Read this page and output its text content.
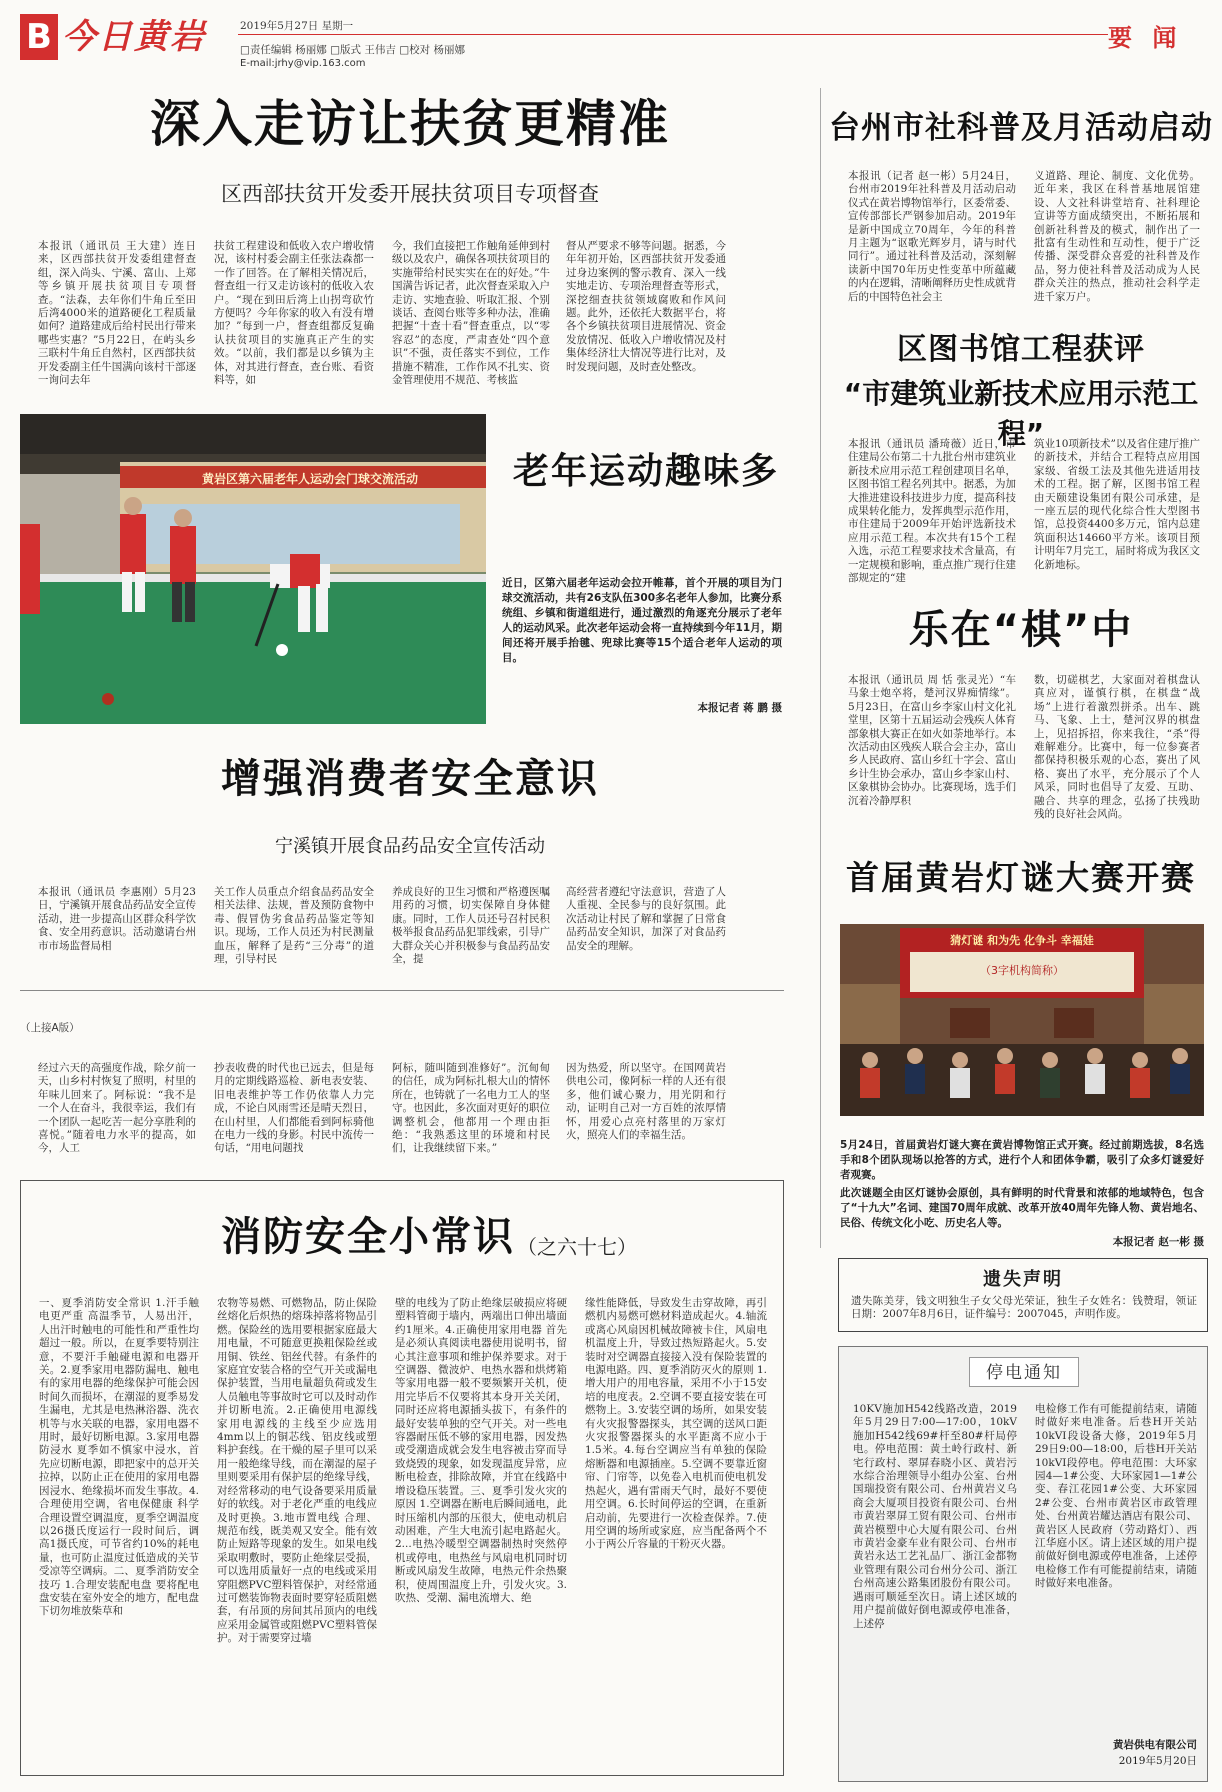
B 今日黄岩	2019年5月27日 星期一
□责任编辑 杨丽娜 □版式 王伟吉 □校对 杨丽娜
E-mail:jrhy@vip.163.com
要 闻
深入走访让扶贫更精准
区西部扶贫开发委开展扶贫项目专项督查
本报讯（通讯员 王大建）连日来，区西部扶贫开发委组建督查组，深入尚头、宁溪、富山、上郑等乡镇开展扶贫项目专项督查。“法森，去年你们牛角丘至田后湾4000米的道路硬化工程质量如何？道路建成后给村民出行带来哪些实惠？”5月22日，在屿头乡三联村牛角丘自然村，区西部扶贫开发委副主任牛国满向该村干部逐一询问去年
扶贫工程建设和低收入农户增收情况，该村村委会副主任张法森都一一作了回答。在了解相关情况后，督查组一行又走访该村的低收入农户。“现在到田后湾上山拐弯砍竹方便吗？今年你家的收入有没有增加？”每到一户，督查组都反复确认扶贫项目的实施真正产生的实效。“以前，我们都是以乡镇为主体，对其进行督查，查台账、看资料等，如
今，我们直接把工作触角延伸到村级以及农户，确保各项扶贫项目的实施带给村民实实在在的好处。”牛国满告诉记者，此次督查采取入户走访、实地查验、听取汇报、个别谈话、查阅台账等多种办法，准确把握“十查十看”督查重点，以“零容忍”的态度，严肃查处“四个意识”不强，责任落实不到位，工作措施不精准，工作作风不扎实、资金管理使用不规范、考核监
督从严要求不够等问题。据悉，今年年初开始，区西部扶贫开发委通过身边案例的警示教育、深入一线实地走访、专项治理督查等形式，深挖细查扶贫领域腐败和作风问题。此外，还依托大数据平台，将各个乡镇扶贫项目进展情况、资金发放情况、低收入户增收情况及村集体经济壮大情况等进行比对，及时发现问题，及时查处整改。
黄岩区第六届老年人运动会门球交流活动	老年运动趣味多
近日，区第六届老年运动会拉开帷幕，首个开展的项目为门球交流活动，共有26支队伍300多名老年人参加，比赛分系统组、乡镇和街道组进行，通过激烈的角逐充分展示了老年人的运动风采。此次老年运动会将一直持续到今年11月，期间还将开展手抬毽、兜球比赛等15个适合老年人运动的项目。
本报记者 蒋 鹏 摄
增强消费者安全意识
宁溪镇开展食品药品安全宣传活动
本报讯（通讯员 李惠刚）5月23日，宁溪镇开展食品药品安全宣传活动，进一步提高山区群众科学饮食、安全用药意识。活动邀请台州市市场监督局相
关工作人员重点介绍食品药品安全相关法律、法规，普及预防食物中毒、假冒伪劣食品药品鉴定等知识。现场，工作人员还为村民测量血压，解释了是药“三分毒”的道理，引导村民
养成良好的卫生习惯和严格遵医嘱用药的习惯，切实保障自身体健康。同时，工作人员还号召村民积极举报食品药品犯罪线索，引导广大群众关心并积极参与食品药品安全，提
高经营者遵纪守法意识，营造了人人重视、全民参与的良好氛围。此次活动让村民了解和掌握了日常食品药品安全知识，加深了对食品药品安全的理解。
（上接A版）
经过六天的高强度作战，除夕前一天，山乡村村恢复了照明，村里的年味儿回来了。阿标说：“我不是一个人在奋斗，我很幸运，我们有一个团队一起吃苦一起分享胜利的喜悦。”随着电力水平的提高，如今，人工
抄表收费的时代也已远去，但是每月的定期线路巡检、新电表安装、旧电表维护等工作仍依靠人力完成，不论白风雨雪还是晴天烈日，在山村里，人们都能看到阿标骑他在电力一线的身影。村民中流传一句话，“用电问题找
阿标，随叫随到准修好”。沉甸甸的信任，成为阿标扎根大山的情怀所在，也铸就了一名电力工人的坚守。也因此，多次面对更好的职位调整机会，他都用一个理由拒绝：“我熟悉这里的环境和村民们，让我继续留下来。”
因为热爱，所以坚守。在国网黄岩供电公司，像阿标一样的人还有很多，他们诚心聚力，用光阴和行动，证明自己对一方百姓的浓厚情怀，用爱心点亮村落里的万家灯火，照亮人们的幸福生活。
消防安全小常识 （之六十七）
一、夏季消防安全常识 1.汗手触电更严重 高温季节，人易出汗，人出汗时触电的可能性和严重性均超过一般。所以，在夏季要特别注意，不要汗手触碰电源和电器开关。2.夏季家用电器防漏电、触电 有的家用电器的绝缘保护可能会因时间久而损坏，在潮湿的夏季易发生漏电，尤其是电热淋浴器、洗衣机等与水关联的电器，家用电器不用时，最好切断电源。3.家用电器防浸水 夏季如不慎家中浸水，首先应切断电源，即把家中的总开关拉掉，以防止正在使用的家用电器因浸水、绝缘损坏而发生事故。4.合理使用空调，省电保健康 科学合理设置空调温度，夏季空调温度以26摄氏度运行一段时间后，调高1摄氏度，可节省约10%的耗电量，也可防止温度过低造成的关节受凉等空调病。二、夏季消防安全技巧 1.合理安装配电盘 要将配电盘安装在室外安全的地方，配电盘下切勿堆放柴草和
农物等易燃、可燃物品，防止保险丝熔化后炽热的熔珠掉落将物品引燃。保险丝的选用要根据家庭最大用电量，不可随意更换粗保险丝或用铜、铁丝、铝丝代替。有条件的家庭宜安装合格的空气开关或漏电保护装置，当用电量超负荷或发生人员触电等事故时它可以及时动作并切断电流。2.正确使用电源线 家用电源线的主线至少应选用4mm以上的铜芯线、铝皮线或塑料护套线。在干燥的屋子里可以采用一般绝缘导线，而在潮湿的屋子里则要采用有保护层的绝缘导线，对经常移动的电气设备要采用质量好的软线。对于老化严重的电线应及时更换。3.地市置电线 合理、规范布线，既美观又安全。能有效防止短路等现象的发生。如果电线采取明敷时，要防止绝缘层受损，可以选用质量好一点的电线或采用穿阻燃PVC塑料管保护，对经常通过可燃装饰物表面时要穿轻质阻燃套，有吊顶的房间其吊顶内的电线应采用金属管或阻燃PVC塑料管保护。对于需要穿过墙
壁的电线为了防止绝缘层破损应将硬塑料管砌于墙内，两端出口伸出墙面约1厘米。4.正确使用家用电器 首先是必须认真阅读电器使用说明书，留心其注意事项和维护保养要求。对于空调器、微波炉、电热水器和烘烤箱等家用电器一般不要频繁开关机，使用完毕后不仅要将其本身开关关闭，同时还应将电源插头拔下，有条件的最好安装单独的空气开关。对一些电容器耐压低不够的家用电器，因发热或受潮造成就会发生电容被击穿而导致烧毁的现象，如发现温度异常，应断电检查，排除故障，并宜在线路中增设稳压装置。三、夏季引发火灾的原因 1.空调器在断电后瞬间通电，此时压缩机内部的压很大，使电动机启动困难，产生大电流引起电路起火。2...电热冷暖型空调器制热时突然停机或停电，电热丝与风扇电机同时切断或风扇发生故障，电热元件余热聚积，使周围温度上升，引发火灾。3.吹热、受潮、漏电流增大、绝
缘性能降低，导致发生击穿故障，再引燃机内易燃可燃材料造成起火。4.轴流或离心风扇因机械故障被卡住，风扇电机温度上升，导致过热短路起火。5.安装时对空调器直接接入没有保险装置的电源电路。四、夏季消防灭火的原则 1.增大用户的用电容量，采用不小于15安培的电度表。2.空调不要直接安装在可燃物上。3.安装空调的场所，如果安装有火灾报警器探头，其空调的送风口距火灾报警器探头的水平距离不应小于1.5米。4.每台空调应当有单独的保险熔断器和电源插座。5.空调不要靠近窗帘、门帘等，以免卷入电机而使电机发热起火，遇有雷雨天气时，最好不要使用空调。6.长时间停运的空调，在重新启动前，先要进行一次检查保养。7.使用空调的场所或家庭，应当配备两个不小于两公斤容量的干粉灭火器。
台州市社科普及月活动启动
本报讯（记者 赵一彬）5月24日，台州市2019年社科普及月活动启动仪式在黄岩博物馆举行，区委常委、宣传部部长严钢参加启动。2019年是新中国成立70周年，今年的科普月主题为“讴歌光辉岁月，请与时代同行”。通过社科普及活动，深刻解读新中国70年历史性变革中所蕴藏的内在逻辑，清晰阐释历史性成就背后的中国特色社会主
义道路、理论、制度、文化优势。近年来，我区在科普基地展馆建设、人文社科讲堂培育、社科理论宣讲等方面成绩突出，不断拓展和创新社科普及的模式，制作出了一批富有生动性和互动性，便于广泛传播、深受群众喜爱的社科普及作品，努力使社科普及活动成为人民群众关注的热点，推动社会科学走进千家万户。
区图书馆工程获评
“市建筑业新技术应用示范工程”
本报讯（通讯员 潘琦薇）近日，市住建局公布第二十九批台州市建筑业新技术应用示范工程创建项目名单，区图书馆工程名列其中。据悉，为加大推进建设科技进步力度，提高科技成果转化能力，发挥典型示范作用，市住建局于2009年开始评选新技术应用示范工程。本次共有15个工程入选，示范工程要求技术含量高，有一定规模和影响，重点推广现行住建部规定的“建
筑业10项新技术”以及省住建厅推广的新技术，并结合工程特点应用国家级、省级工法及其他先进适用技术的工程。据了解，区图书馆工程由天颐建设集团有限公司承建，是一座五层的现代化综合性大型图书馆，总投资4400多万元，馆内总建筑面积达14660平方米。该项目预计明年7月完工，届时将成为我区文化新地标。
乐在“棋”中
本报讯（通讯员 周 恬 张灵光）“车马象士炮卒将，楚河汉界痴情缘”。5月23日，在富山乡李家山村文化礼堂里，区第十五届运动会残疾人体育部象棋大赛正在如火如荼地举行。本次活动由区残疾人联合会主办，富山乡人民政府、富山乡红十字会、富山乡计生协会承办，富山乡李家山村、区象棋协会协办。比赛现场，选手们沉着冷静厚积
数，切磋棋艺，大家面对着棋盘认真应对，谨慎行棋，在棋盘“战场”上进行着激烈拼杀。出车、跳马、飞象、上士，楚河汉界的棋盘上，见招拆招，你来我往，“杀”得难解难分。比赛中，每一位参赛者都保持积极乐观的心态，赛出了风格、赛出了水平，充分展示了个人风采，同时也倡导了友爱、互助、融合、共享的理念，弘扬了扶残助残的良好社会风尚。
首届黄岩灯谜大赛开赛
猜灯谜 和为先 化争斗 幸福娃
（3字机构简称）
5月24日，首届黄岩灯谜大赛在黄岩博物馆正式开赛。经过前期选拔，8名选手和8个团队现场以抢答的方式，进行个人和团体争霸，吸引了众多灯谜爱好者观赛。
此次谜题全由区灯谜协会原创，具有鲜明的时代背景和浓郁的地域特色，包含了“十九大”名词、建国70周年成就、改革开放40周年先锋人物、黄岩地名、民俗、传统文化小吃、历史名人等。
本报记者 赵一彬 摄
遗失声明
遗失陈美芽，钱文明独生子女父母光荣证，独生子女姓名：钱赞瑁，领证日期：2007年8月6日，证件编号：2007045，声明作废。
停电通知
10KV施加H542线路改造，2019年5月29日7:00—17:00，10kV施加H542线69#杆至80#杆局停电。停电范围：黄土岭行政村、新宅行政村、翠屏春晓小区、黄岩污水综合治理领导小组办公室、台州国瑞投资有限公司、台州黄岩义乌商会大厦项目投资有限公司、台州市黄岩翠屏工贸有限公司、台州市黄岩模塑中心大厦有限公司、台州市黄岩金豪车业有限公司、台州市黄岩永达工艺礼品厂、浙江金都物业管理有限公司台州分公司、浙江台州高速公路集团股份有限公司。遇雨可顺延至次日。请上述区域的用户提前做好倒电源或停电准备，上述停
电检修工作有可能提前结束，请随时做好来电准备。后巷H开关站10kVI段设备大修，2019年5月29日9:00—18:00，后巷H开关站10kVI段停电。停电范围：大环家园4—1#公变、大环家园1—1#公变、春江花园1#公变、大环家园2#公变、台州市黄岩区市政管理处、台州黄岩耀达酒店有限公司、黄岩区人民政府（劳动路灯）、西江华庭小区。请上述区域的用户提前做好倒电源或停电准备，上述停电检修工作有可能提前结束，请随时做好来电准备。
黄岩供电有限公司
2019年5月20日
